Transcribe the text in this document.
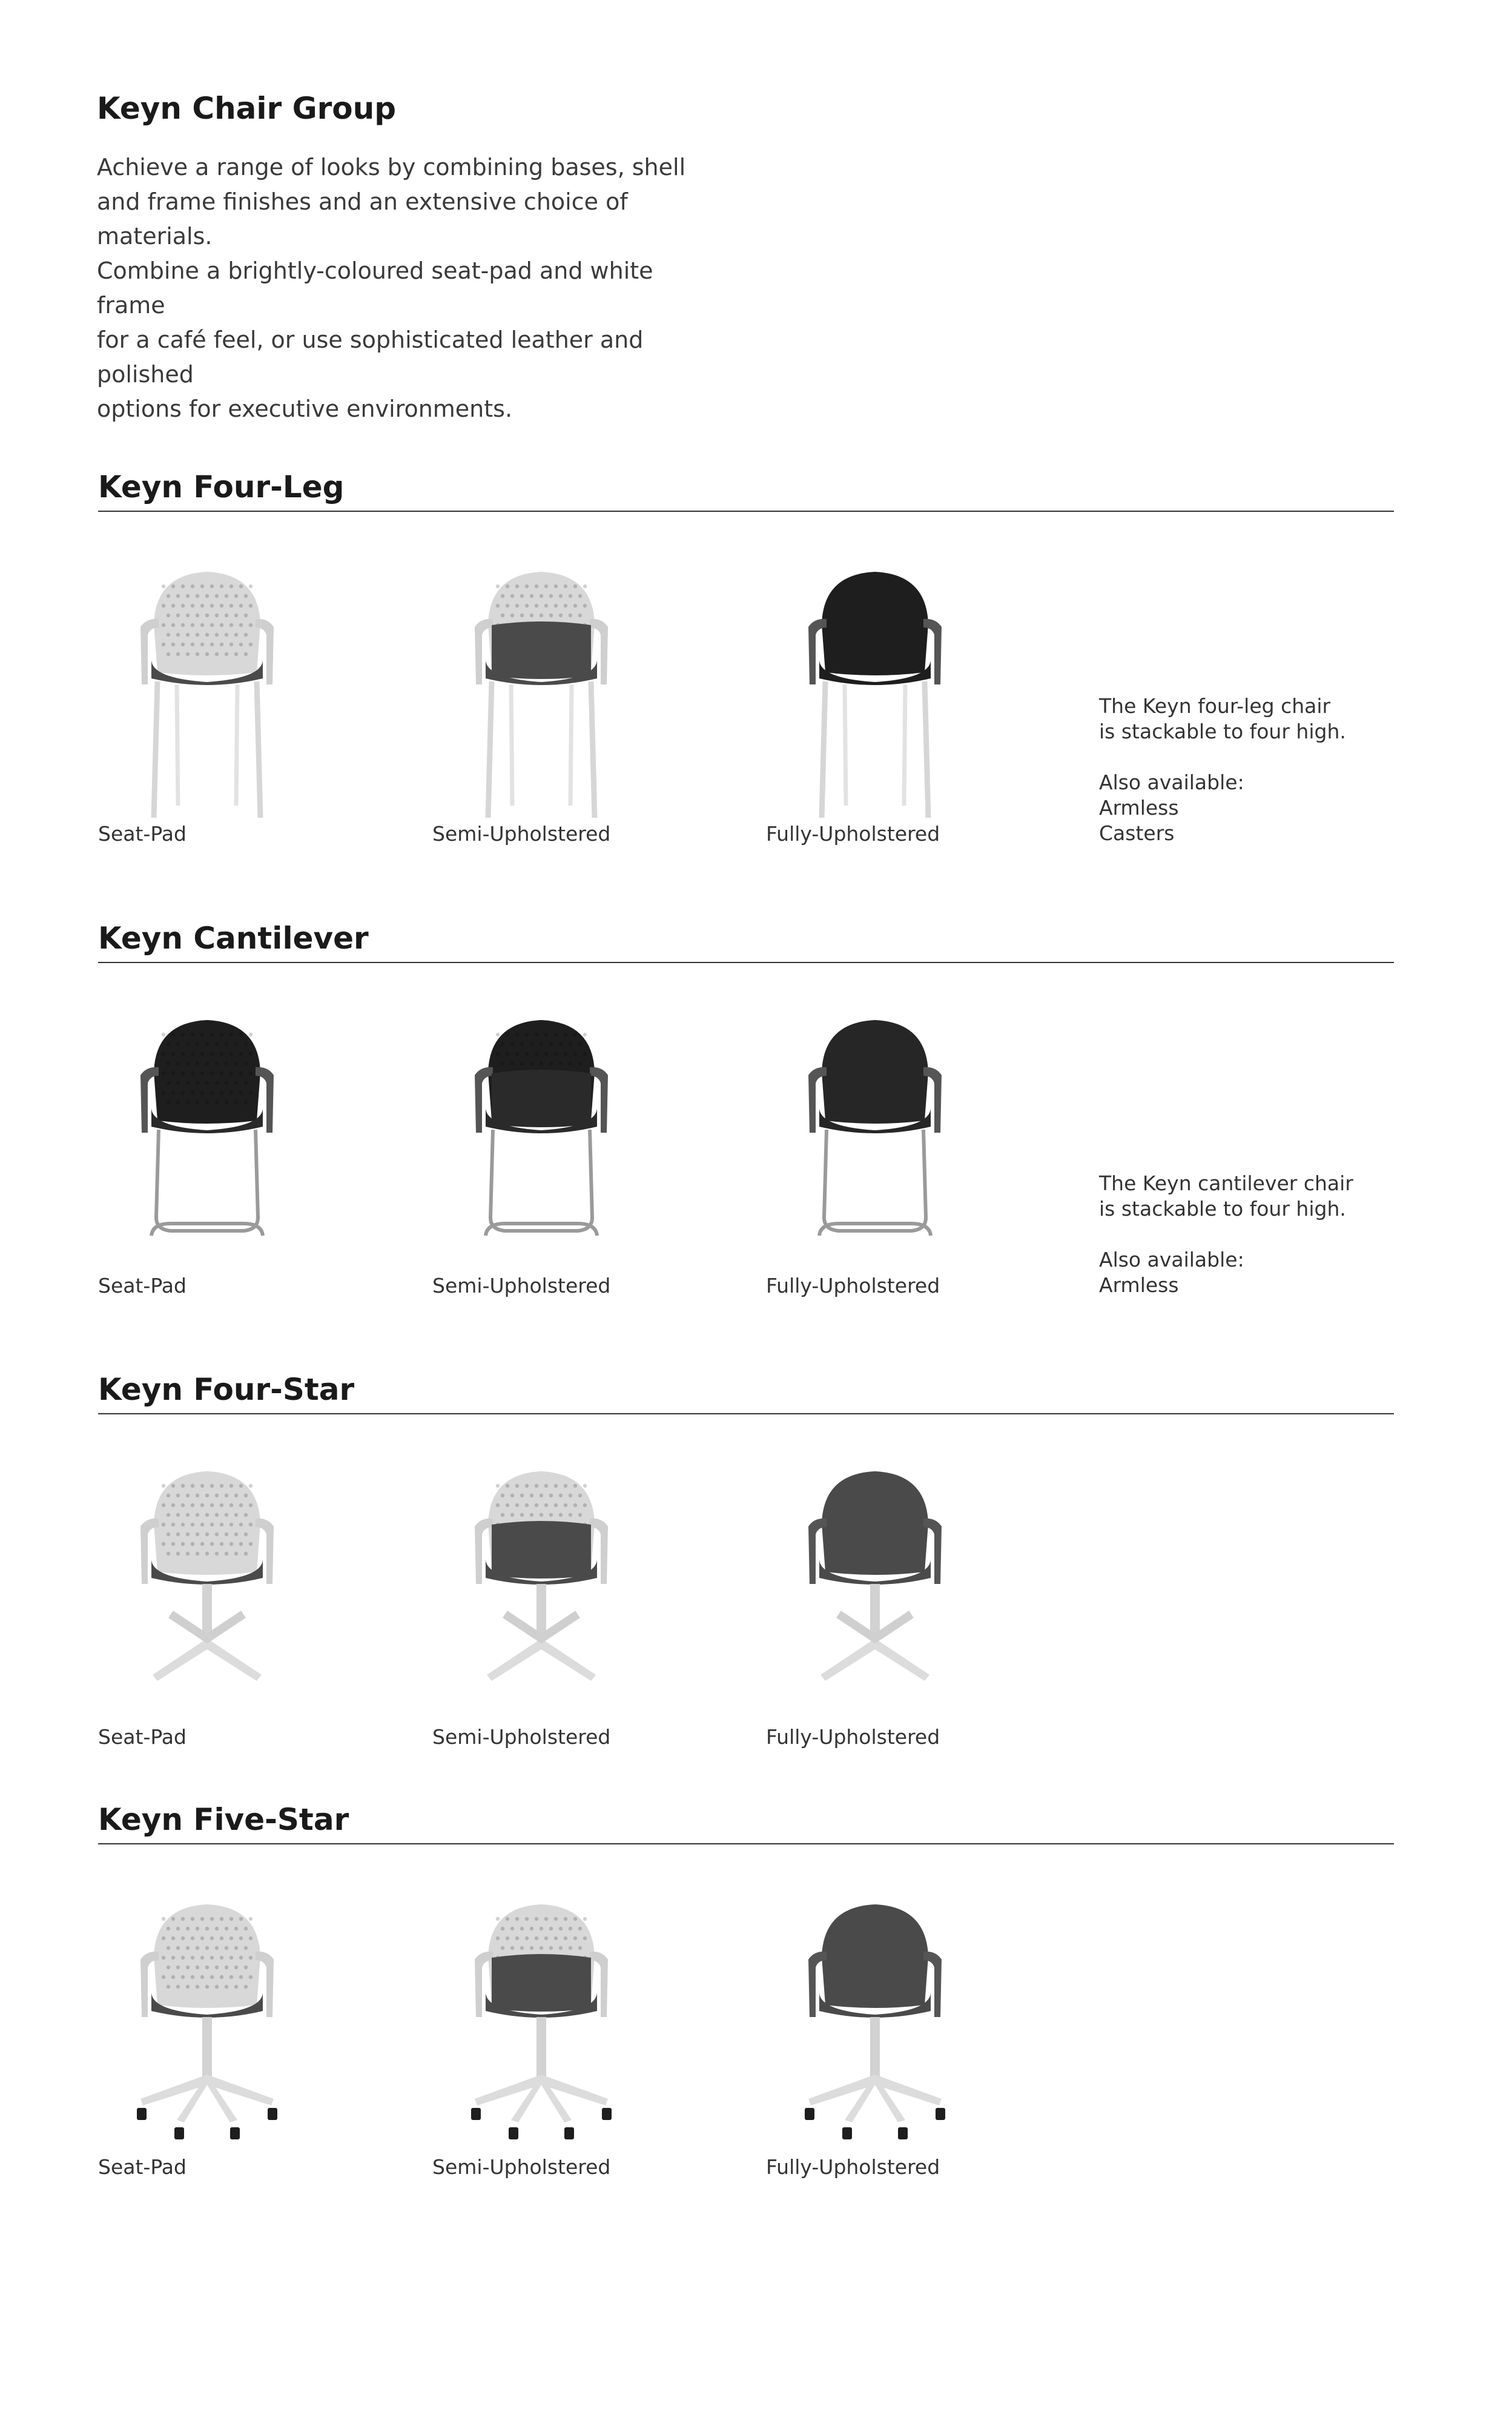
Keyn Chair Group
Achieve a range of looks by combining bases, shell
and frame finishes and an extensive choice of materials.
Combine a brightly-coloured seat-pad and white frame
for a café feel, or use sophisticated leather and polished
options for executive environments.
Keyn Four-Leg
Seat-Pad	Semi-Upholstered	Fully-Upholstered
The Keyn four-leg chair
is stackable to four high.
Also available:
Armless
Casters
Keyn Cantilever
Seat-Pad	Semi-Upholstered	Fully-Upholstered
The Keyn cantilever chair
is stackable to four high.
Also available:
Armless
Keyn Four-Star
Seat-Pad	Semi-Upholstered	Fully-Upholstered
Keyn Five-Star
Seat-Pad	Semi-Upholstered	Fully-Upholstered
